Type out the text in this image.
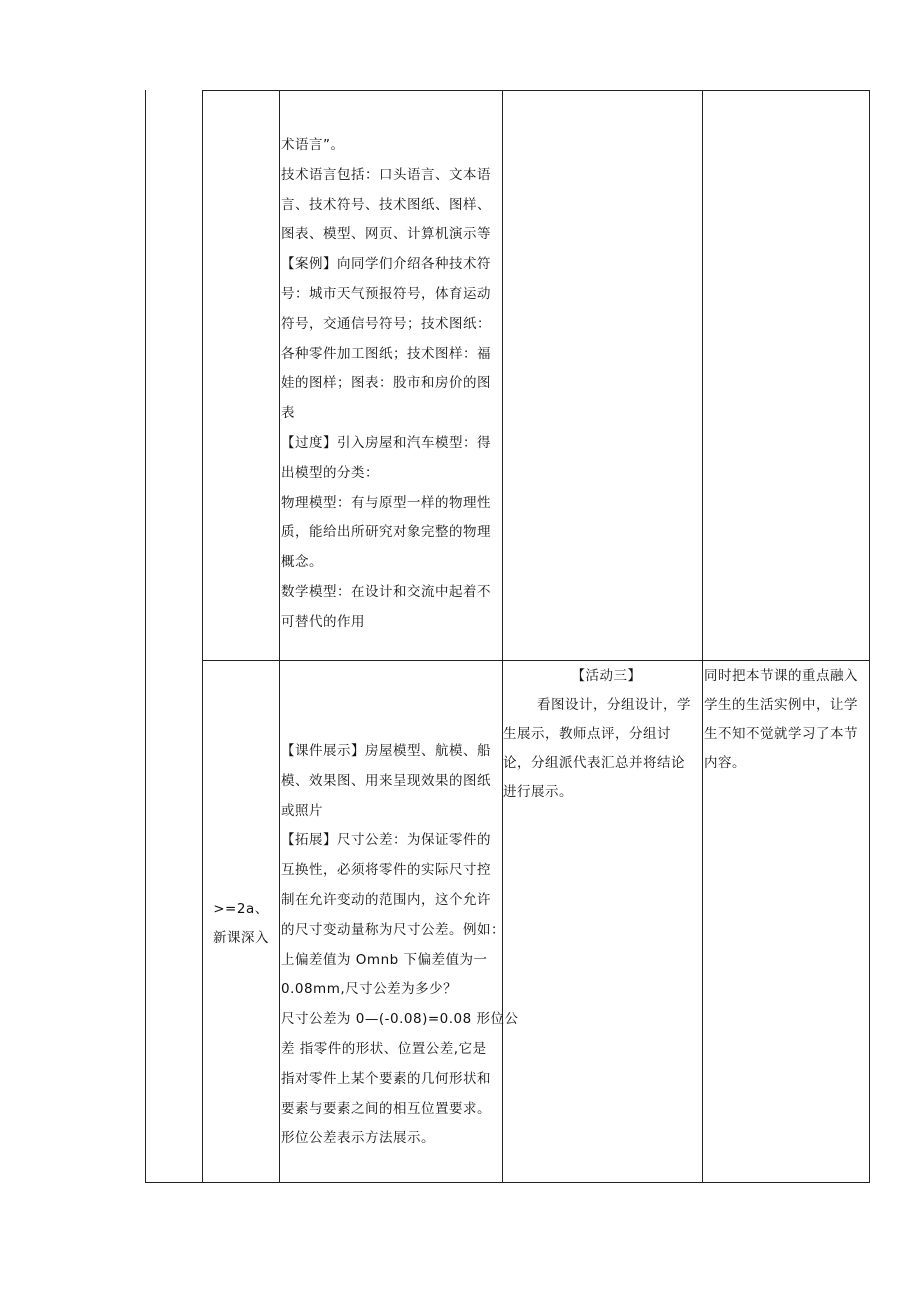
术语言”。

技术语言包括：口头语言、文本语

言、技术符号、技术图纸、图样、

图表、模型、网页、计算机演示等

【案例】向同学们介绍各种技术符

号：城市天气预报符号，体育运动

符号，交通信号符号；技术图纸：

各种零件加工图纸；技术图样：福

娃的图样；图表：股市和房价的图

表

【过度】引入房屋和汽车模型：得

出模型的分类：

物理模型：有与原型一样的物理性

质，能给出所研究对象完整的物理

概念。

数学模型：在设计和交流中起着不

可替代的作用

>=2a、

新课深入

【课件展示】房屋模型、航模、船

模、效果图、用来呈现效果的图纸

或照片

【拓展】尺寸公差：为保证零件的

互换性，必须将零件的实际尺寸控

制在允许变动的范围内，这个允许

的尺寸变动量称为尺寸公差。例如：

上偏差值为 Omnb 下偏差值为一

0.08mm,尺寸公差为多少？

尺寸公差为 0—(-0.08)=0.08 形位公

差 指零件的形状、位置公差,它是

指对零件上某个要素的几何形状和

要素与要素之间的相互位置要求。

形位公差表示方法展示。

【活动三】

看图设计，分组设计，学

生展示，教师点评，分组讨

论，分组派代表汇总并将结论

进行展示。

同时把本节课的重点融入

学生的生活实例中，让学

生不知不觉就学习了本节

内容。
